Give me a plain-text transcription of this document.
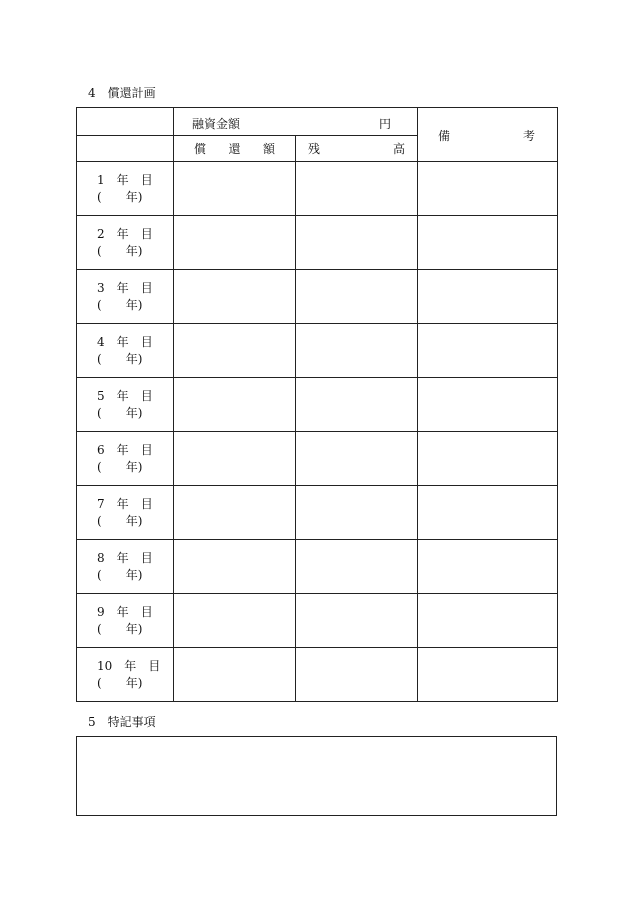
4　 償還計画

	融資金額 円		備 考

	償 還 額	残 高	

1　 年　 目
(　　 年)			

2　 年　 目
(　　 年)			

3　 年　 目
(　　 年)			

4　 年　 目
(　　 年)			

5　 年　 目
(　　 年)			

6　 年　 目
(　　 年)			

7　 年　 目
(　　 年)			

8　 年　 目
(　　 年)			

9　 年　 目
(　　 年)			

10　 年　 目
(　　 年)			

5　 特記事項
